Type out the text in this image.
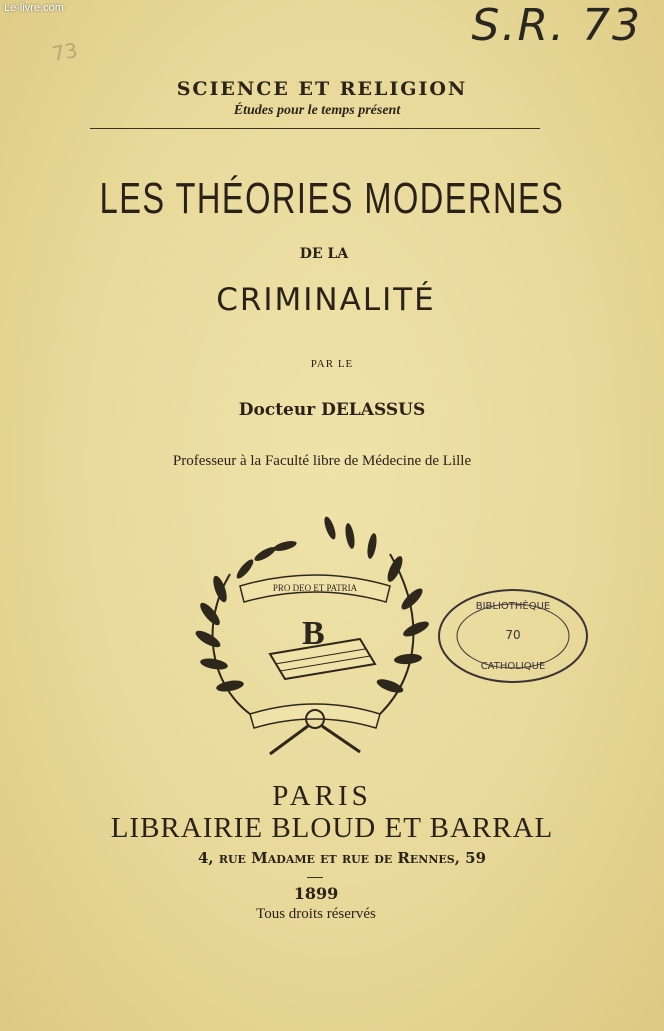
Le-livre.com
73
S.R. 73
SCIENCE ET RELIGION
Études pour le temps présent
LES THÉORIES MODERNES
DE LA
CRIMINALITÉ
PAR LE
Docteur DELASSUS
Professeur à la Faculté libre de Médecine de Lille
PRO DEO ET PATRIA
B
BIBLIOTHÈQUE
70
CATHOLIQUE
PARIS
LIBRAIRIE BLOUD ET BARRAL
4, rue Madame et rue de Rennes, 59
1899
Tous droits réservés
